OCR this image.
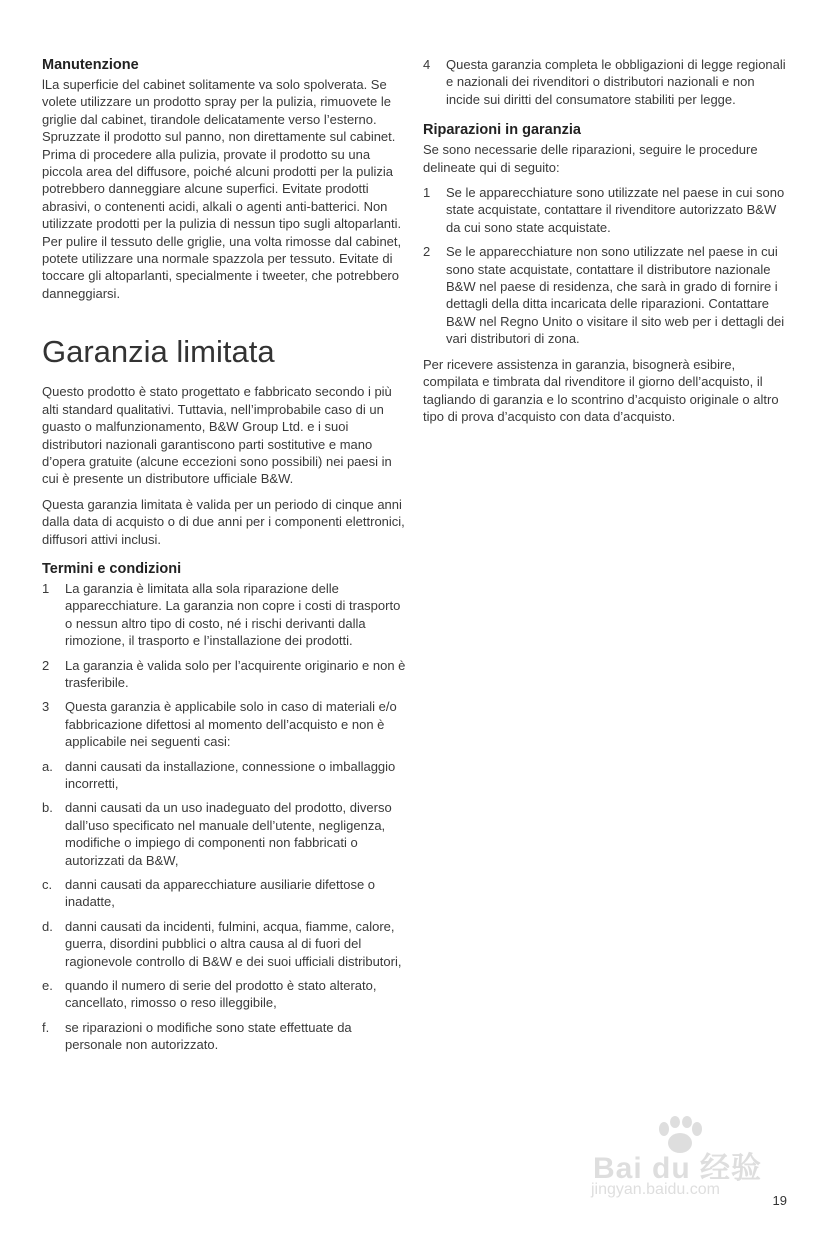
Manutenzione

lLa superficie del cabinet solitamente va solo spolverata. Se volete utilizzare un prodotto spray per la pulizia, rimuovete le griglie dal cabinet, tirandole delicatamente verso l’esterno. Spruzzate il prodotto sul panno, non direttamente sul cabinet. Prima di procedere alla pulizia, provate il prodotto su una piccola area del diffusore, poiché alcuni prodotti per la pulizia potrebbero danneggiare alcune superfici. Evitate prodotti abrasivi, o contenenti acidi, alkali o agenti anti-batterici. Non utilizzate prodotti per la pulizia di nessun tipo sugli altoparlanti. Per pulire il tessuto delle griglie, una volta rimosse dal cabinet, potete utilizzare una normale spazzola per tessuto. Evitate di toccare gli altoparlanti, specialmente i tweeter, che potrebbero danneggiarsi.

Garanzia limitata

Questo prodotto è stato progettato e fabbricato secondo i più alti standard qualitativi. Tuttavia, nell’improbabile caso di un guasto o malfunzionamento, B&W Group Ltd. e i suoi distributori nazionali garantiscono parti sostitutive e mano d’opera gratuite (alcune eccezioni sono possibili) nei paesi in cui è presente un distributore ufficiale B&W.

Questa garanzia limitata è valida per un periodo di cinque anni dalla data di acquisto o di due anni per i componenti elettronici, diffusori attivi inclusi.

Termini e condizioni
1 La garanzia è limitata alla sola riparazione delle apparecchiature. La garanzia non copre i costi di trasporto o nessun altro tipo di costo, né i rischi derivanti dalla rimozione, il trasporto e l’installazione dei prodotti.
2 La garanzia è valida solo per l’acquirente originario e non è trasferibile.
3 Questa garanzia è applicabile solo in caso di materiali e/o fabbricazione difettosi al momento dell’acquisto e non è applicabile nei seguenti casi:
a. danni causati da installazione, connessione o imballaggio incorretti,
b. danni causati da un uso inadeguato del prodotto, diverso dall’uso specificato nel manuale dell’utente, negligenza, modifiche o impiego di componenti non fabbricati o autorizzati da B&W,
c. danni causati da apparecchiature ausiliarie difettose o inadatte,
d. danni causati da incidenti, fulmini, acqua, fiamme, calore, guerra, disordini pubblici o altra causa al di fuori del ragionevole controllo di B&W e dei suoi ufficiali distributori,
e. quando il numero di serie del prodotto è stato alterato, cancellato, rimosso o reso illeggibile,
f. se riparazioni o modifiche sono state effettuate da personale non autorizzato.
4 Questa garanzia completa le obbligazioni di legge regionali e nazionali dei rivenditori o distributori nazionali e non incide sui diritti del consumatore stabiliti per legge.
Riparazioni in garanzia

Se sono necessarie delle riparazioni, seguire le procedure delineate qui di seguito:

1 Se le apparecchiature sono utilizzate nel paese in cui sono state acquistate, contattare il rivenditore autorizzato B&W da cui sono state acquistate.
2 Se le apparecchiature non sono utilizzate nel paese in cui sono state acquistate, contattare il distributore nazionale B&W nel paese di residenza, che sarà in grado di fornire i dettagli della ditta incaricata delle riparazioni. Contattare B&W nel Regno Unito o visitare il sito web per i dettagli dei vari distributori di zona.

Per ricevere assistenza in garanzia, bisognerà esibire, compilata e timbrata dal rivenditore il giorno dell’acquisto, il tagliando di garanzia e lo scontrino d’acquisto originale o altro tipo di prova d’acquisto con data d’acquisto.

Bai du 经验
jingyan.baidu.com
19
